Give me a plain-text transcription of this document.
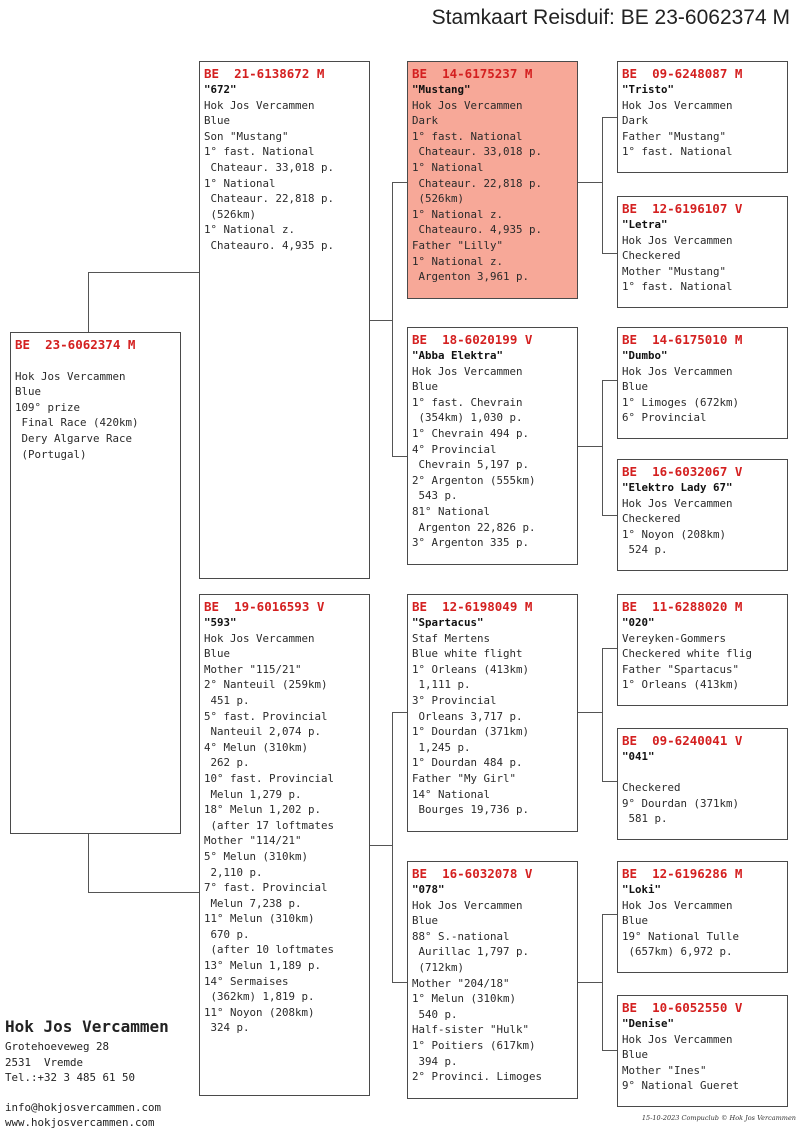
Stamkaart Reisduif: BE 23-6062374 M
BE  23-6062374 M
Hok Jos Vercammen
Blue
109° prize
Final Race (420km)
Dery Algarve Race
(Portugal)
BE  21-6138672 M
"672"
Hok Jos Vercammen
Blue
Son "Mustang"
1° fast. National
Chateaur. 33,018 p.
1° National
Chateaur. 22,818 p.
(526km)
1° National z.
Chateauro. 4,935 p.
BE  19-6016593 V
"593"
Hok Jos Vercammen
Blue
Mother "115/21"
2° Nanteuil (259km)
451 p.
5° fast. Provincial
Nanteuil 2,074 p.
4° Melun (310km)
262 p.
10° fast. Provincial
Melun 1,279 p.
18° Melun 1,202 p.
(after 17 loftmates
Mother "114/21"
5° Melun (310km)
2,110 p.
7° fast. Provincial
Melun 7,238 p.
11° Melun (310km)
670 p.
(after 10 loftmates
13° Melun 1,189 p.
14° Sermaises
(362km) 1,819 p.
11° Noyon (208km)
324 p.
BE  14-6175237 M
"Mustang"
Hok Jos Vercammen
Dark
1° fast. National
Chateaur. 33,018 p.
1° National
Chateaur. 22,818 p.
(526km)
1° National z.
Chateauro. 4,935 p.
Father "Lilly"
1° National z.
Argenton 3,961 p.
BE  18-6020199 V
"Abba Elektra"
Hok Jos Vercammen
Blue
1° fast. Chevrain
(354km) 1,030 p.
1° Chevrain 494 p.
4° Provincial
Chevrain 5,197 p.
2° Argenton (555km)
543 p.
81° National
Argenton 22,826 p.
3° Argenton 335 p.
BE  12-6198049 M
"Spartacus"
Staf Mertens
Blue white flight
1° Orleans (413km)
1,111 p.
3° Provincial
Orleans 3,717 p.
1° Dourdan (371km)
1,245 p.
1° Dourdan 484 p.
Father "My Girl"
14° National
Bourges 19,736 p.
BE  16-6032078 V
"078"
Hok Jos Vercammen
Blue
88° S.-national
Aurillac 1,797 p.
(712km)
Mother "204/18"
1° Melun (310km)
540 p.
Half-sister "Hulk"
1° Poitiers (617km)
394 p.
2° Provinci. Limoges
BE  09-6248087 M
"Tristo"
Hok Jos Vercammen
Dark
Father "Mustang"
1° fast. National
BE  12-6196107 V
"Letra"
Hok Jos Vercammen
Checkered
Mother "Mustang"
1° fast. National
BE  14-6175010 M
"Dumbo"
Hok Jos Vercammen
Blue
1° Limoges (672km)
6° Provincial
BE  16-6032067 V
"Elektro Lady 67"
Hok Jos Vercammen
Checkered
1° Noyon (208km)
524 p.
BE  11-6288020 M
"020"
Vereyken-Gommers
Checkered white flig
Father "Spartacus"
1° Orleans (413km)
BE  09-6240041 V
"041"
Checkered
9° Dourdan (371km)
581 p.
BE  12-6196286 M
"Loki"
Hok Jos Vercammen
Blue
19° National Tulle
(657km) 6,972 p.
BE  10-6052550 V
"Denise"
Hok Jos Vercammen
Blue
Mother "Ines"
9° National Gueret
Hok Jos Vercammen
Grotehoeveweg 28
2531  Vremde
Tel.:+32 3 485 61 50
info@hokjosvercammen.com
www.hokjosvercammen.com	15-10-2023 Compuclub © Hok Jos Vercammen
